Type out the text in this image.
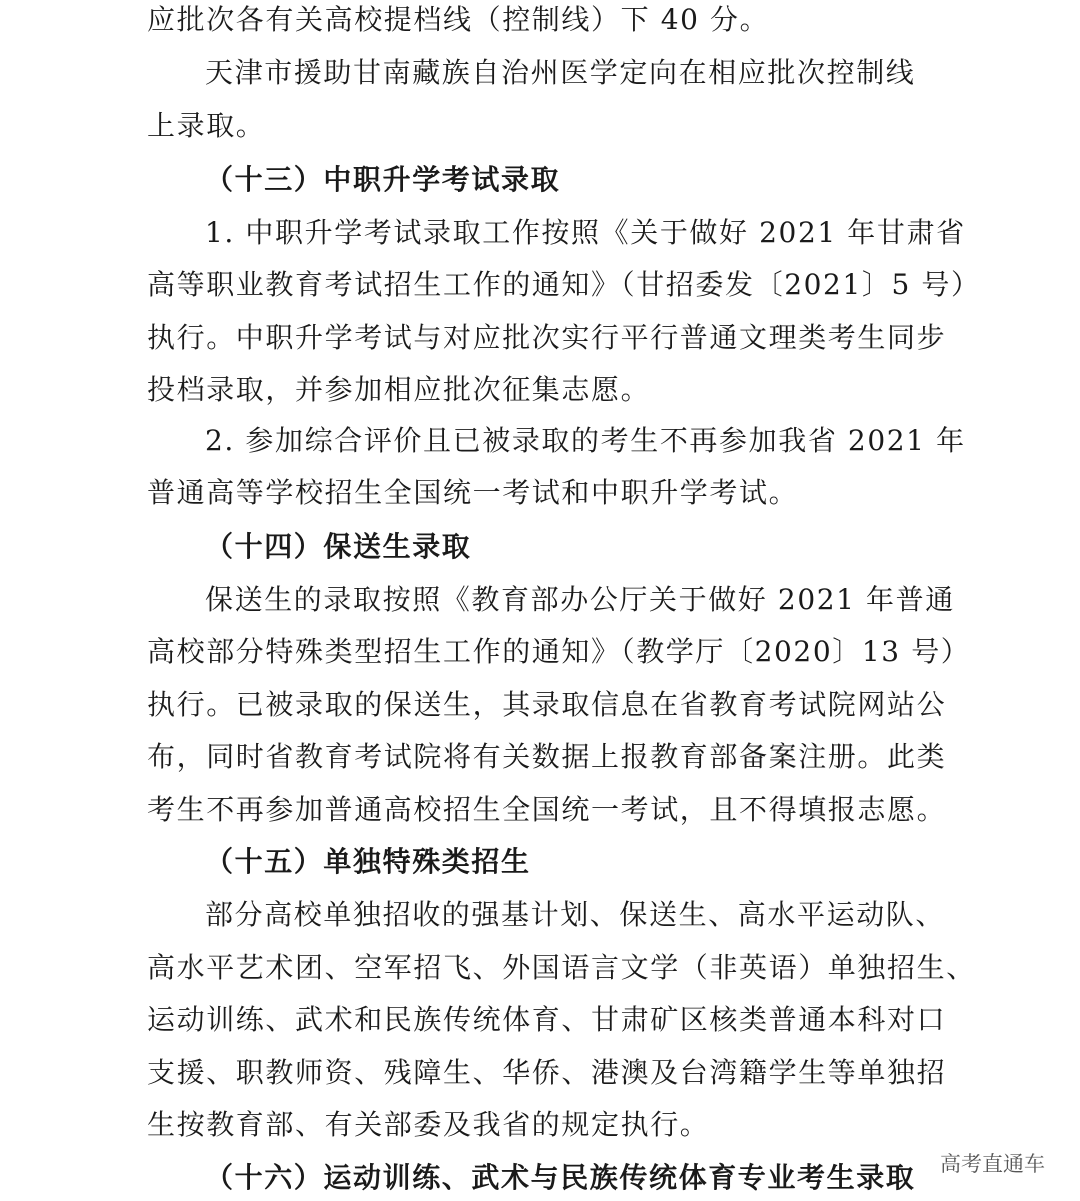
应批次各有关高校提档线（控制线）下 40 分。
天津市援助甘南藏族自治州医学定向在相应批次控制线
上录取。
（十三）中职升学考试录取
1. 中职升学考试录取工作按照《关于做好 2021 年甘肃省
高等职业教育考试招生工作的通知》（甘招委发〔2021〕5 号）
执行。中职升学考试与对应批次实行平行普通文理类考生同步
投档录取，并参加相应批次征集志愿。
2. 参加综合评价且已被录取的考生不再参加我省 2021 年
普通高等学校招生全国统一考试和中职升学考试。
（十四）保送生录取
保送生的录取按照《教育部办公厅关于做好 2021 年普通
高校部分特殊类型招生工作的通知》（教学厅〔2020〕13 号）
执行。已被录取的保送生，其录取信息在省教育考试院网站公
布，同时省教育考试院将有关数据上报教育部备案注册。此类
考生不再参加普通高校招生全国统一考试，且不得填报志愿。
（十五）单独特殊类招生
部分高校单独招收的强基计划、保送生、高水平运动队、
高水平艺术团、空军招飞、外国语言文学（非英语）单独招生、
运动训练、武术和民族传统体育、甘肃矿区核类普通本科对口
支援、职教师资、残障生、华侨、港澳及台湾籍学生等单独招
生按教育部、有关部委及我省的规定执行。
（十六）运动训练、武术与民族传统体育专业考生录取 高考直通车
